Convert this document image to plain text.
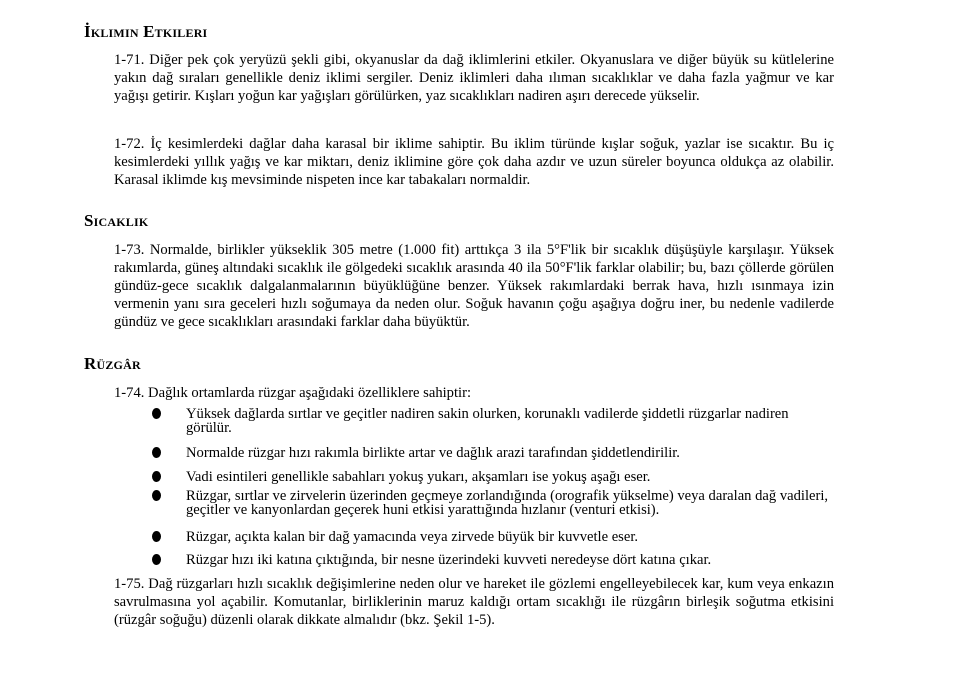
İklimin Etkileri

1-71. Diğer pek çok yeryüzü şekli gibi, okyanuslar da dağ iklimlerini etkiler. Okyanuslara ve diğer büyük su kütlelerine yakın dağ sıraları genellikle deniz iklimi sergiler. Deniz iklimleri daha ılıman sıcaklıklar ve daha fazla yağmur ve kar yağışı getirir. Kışları yoğun kar yağışları görülürken, yaz sıcaklıkları nadiren aşırı derecede yükselir.

1-72. İç kesimlerdeki dağlar daha karasal bir iklime sahiptir. Bu iklim türünde kışlar soğuk, yazlar ise sıcaktır. Bu iç kesimlerdeki yıllık yağış ve kar miktarı, deniz iklimine göre çok daha azdır ve uzun süreler boyunca oldukça az olabilir. Karasal iklimde kış mevsiminde nispeten ince kar tabakaları normaldir.

Sıcaklık

1-73. Normalde, birlikler yükseklik 305 metre (1.000 fit) arttıkça 3 ila 5°F'lik bir sıcaklık düşüşüyle karşılaşır. Yüksek rakımlarda, güneş altındaki sıcaklık ile gölgedeki sıcaklık arasında 40 ila 50°F'lik farklar olabilir; bu, bazı çöllerde görülen gündüz-gece sıcaklık dalgalanmalarının büyüklüğüne benzer. Yüksek rakımlardaki berrak hava, hızlı ısınmaya izin vermenin yanı sıra geceleri hızlı soğumaya da neden olur. Soğuk havanın çoğu aşağıya doğru iner, bu nedenle vadilerde gündüz ve gece sıcaklıkları arasındaki farklar daha büyüktür.

Rüzgâr

1-74. Dağlık ortamlarda rüzgar aşağıdaki özelliklere sahiptir:

Yüksek dağlarda sırtlar ve geçitler nadiren sakin olurken, korunaklı vadilerde şiddetli rüzgarlar nadiren görülür.
Normalde rüzgar hızı rakımla birlikte artar ve dağlık arazi tarafından şiddetlendirilir.
Vadi esintileri genellikle sabahları yokuş yukarı, akşamları ise yokuş aşağı eser.
Rüzgar, sırtlar ve zirvelerin üzerinden geçmeye zorlandığında (orografik yükselme) veya daralan dağ vadileri, geçitler ve kanyonlardan geçerek huni etkisi yarattığında hızlanır (venturi etkisi).
Rüzgar, açıkta kalan bir dağ yamacında veya zirvede büyük bir kuvvetle eser.
Rüzgar hızı iki katına çıktığında, bir nesne üzerindeki kuvveti neredeyse dört katına çıkar.

1-75. Dağ rüzgarları hızlı sıcaklık değişimlerine neden olur ve hareket ile gözlemi engelleyebilecek kar, kum veya enkazın savrulmasına yol açabilir. Komutanlar, birliklerinin maruz kaldığı ortam sıcaklığı ile rüzgârın birleşik soğutma etkisini (rüzgâr soğuğu) düzenli olarak dikkate almalıdır (bkz. Şekil 1-5).
